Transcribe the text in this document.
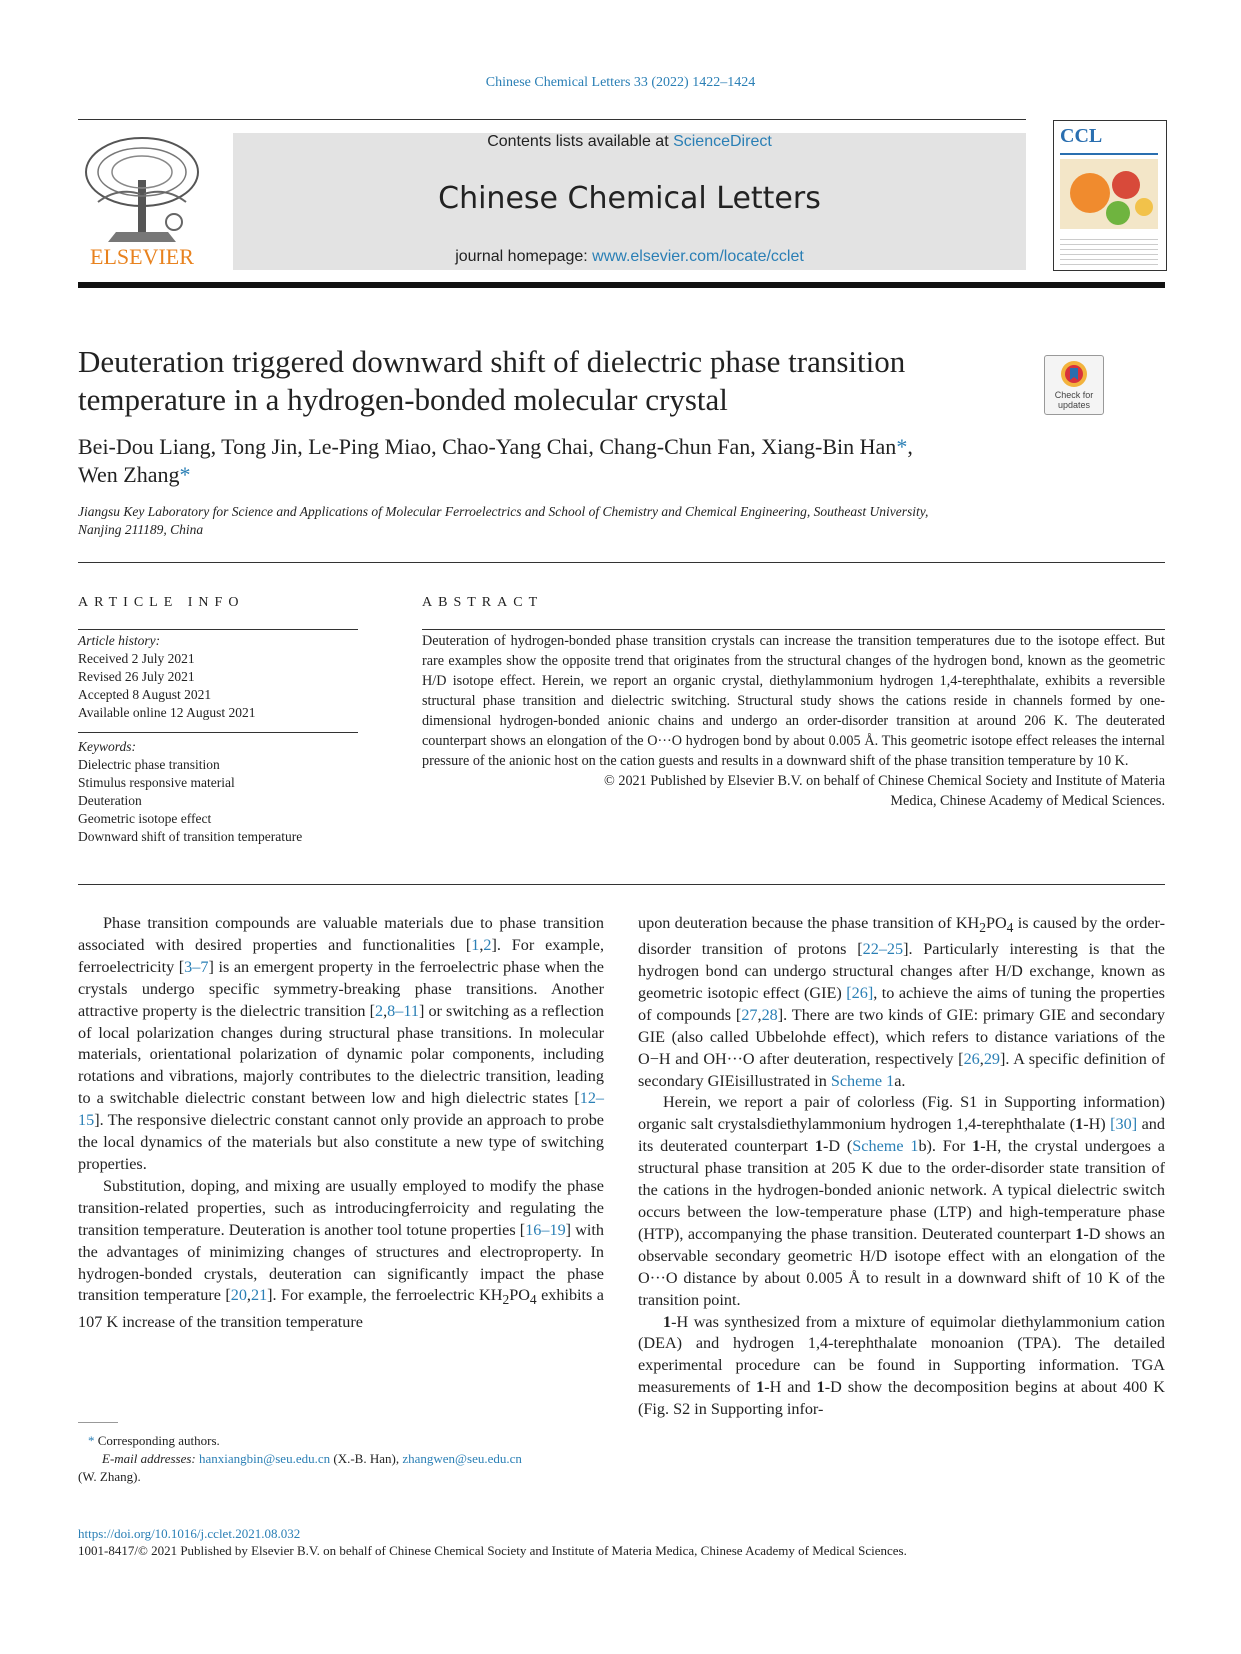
Chinese Chemical Letters 33 (2022) 1422–1424
ELSEVIER
Contents lists available at ScienceDirect
Chinese Chemical Letters
journal homepage: www.elsevier.com/locate/cclet
CCL
Deuteration triggered downward shift of dielectric phase transition
temperature in a hydrogen-bonded molecular crystal	Check for updates
Bei-Dou Liang, Tong Jin, Le-Ping Miao, Chao-Yang Chai, Chang-Chun Fan, Xiang-Bin Han*,
Wen Zhang*
Jiangsu Key Laboratory for Science and Applications of Molecular Ferroelectrics and School of Chemistry and Chemical Engineering, Southeast University,
Nanjing 211189, China
ARTICLE INFO
Article history:
Received 2 July 2021
Revised 26 July 2021
Accepted 8 August 2021
Available online 12 August 2021
Keywords:
Dielectric phase transition
Stimulus responsive material
Deuteration
Geometric isotope effect
Downward shift of transition temperature
ABSTRACT
Deuteration of hydrogen-bonded phase transition crystals can increase the transition temperatures due to the isotope effect. But rare examples show the opposite trend that originates from the structural changes of the hydrogen bond, known as the geometric H/D isotope effect. Herein, we report an organic crystal, diethylammonium hydrogen 1,4-terephthalate, exhibits a reversible structural phase transition and dielectric switching. Structural study shows the cations reside in channels formed by one-dimensional hydrogen-bonded anionic chains and undergo an order-disorder transition at around 206 K. The deuterated counterpart shows an elongation of the O···O hydrogen bond by about 0.005 Å. This geometric isotope effect releases the internal pressure of the anionic host on the cation guests and results in a downward shift of the phase transition temperature by 10 K.
© 2021 Published by Elsevier B.V. on behalf of Chinese Chemical Society and Institute of Materia
Medica, Chinese Academy of Medical Sciences.

Phase transition compounds are valuable materials due to phase transition associated with desired properties and functionalities [1,2]. For example, ferroelectricity [3–7] is an emergent property in the ferroelectric phase when the crystals undergo specific symmetry-breaking phase transitions. Another attractive property is the dielectric transition [2,8–11] or switching as a reflection of local polarization changes during structural phase transitions. In molecular materials, orientational polarization of dynamic polar components, including rotations and vibrations, majorly contributes to the dielectric transition, leading to a switchable dielectric constant between low and high dielectric states [12–15]. The responsive dielectric constant cannot only provide an approach to probe the local dynamics of the materials but also constitute a new type of switching properties.

Substitution, doping, and mixing are usually employed to modify the phase transition-related properties, such as introducingferroicity and regulating the transition temperature. Deuteration is another tool totune properties [16–19] with the advantages of minimizing changes of structures and electroproperty. In hydrogen-bonded crystals, deuteration can significantly impact the phase transition temperature [20,21]. For example, the ferroelectric $KH_2PO_4$ exhibits a 107 K increase of the transition temperature

upon deuteration because the phase transition of $KH_2PO_4$ is caused by the order-disorder transition of protons [22–25]. Particularly interesting is that the hydrogen bond can undergo structural changes after H/D exchange, known as geometric isotopic effect (GIE) [26], to achieve the aims of tuning the properties of compounds [27,28]. There are two kinds of GIE: primary GIE and secondary GIE (also called Ubbelohde effect), which refers to distance variations of the O−H and OH···O after deuteration, respectively [26,29]. A specific definition of secondary GIEisillustrated in Scheme 1a.

Herein, we report a pair of colorless (Fig. S1 in Supporting information) organic salt crystalsdiethylammonium hydrogen 1,4-terephthalate (1-H) [30] and its deuterated counterpart 1-D (Scheme 1b). For 1-H, the crystal undergoes a structural phase transition at 205 K due to the order-disorder state transition of the cations in the hydrogen-bonded anionic network. A typical dielectric switch occurs between the low-temperature phase (LTP) and high-temperature phase (HTP), accompanying the phase transition. Deuterated counterpart 1-D shows an observable secondary geometric H/D isotope effect with an elongation of the O···O distance by about 0.005 Å to result in a downward shift of 10 K of the transition point.

1-H was synthesized from a mixture of equimolar diethylammonium cation (DEA) and hydrogen 1,4-terephthalate monoanion (TPA). The detailed experimental procedure can be found in Supporting information. TGA measurements of 1-H and 1-D show the decomposition begins at about 400 K (Fig. S2 in Supporting infor-

* Corresponding authors.
E-mail addresses: hanxiangbin@seu.edu.cn (X.-B. Han), zhangwen@seu.edu.cn
(W. Zhang).
https://doi.org/10.1016/j.cclet.2021.08.032
1001-8417/© 2021 Published by Elsevier B.V. on behalf of Chinese Chemical Society and Institute of Materia Medica, Chinese Academy of Medical Sciences.
